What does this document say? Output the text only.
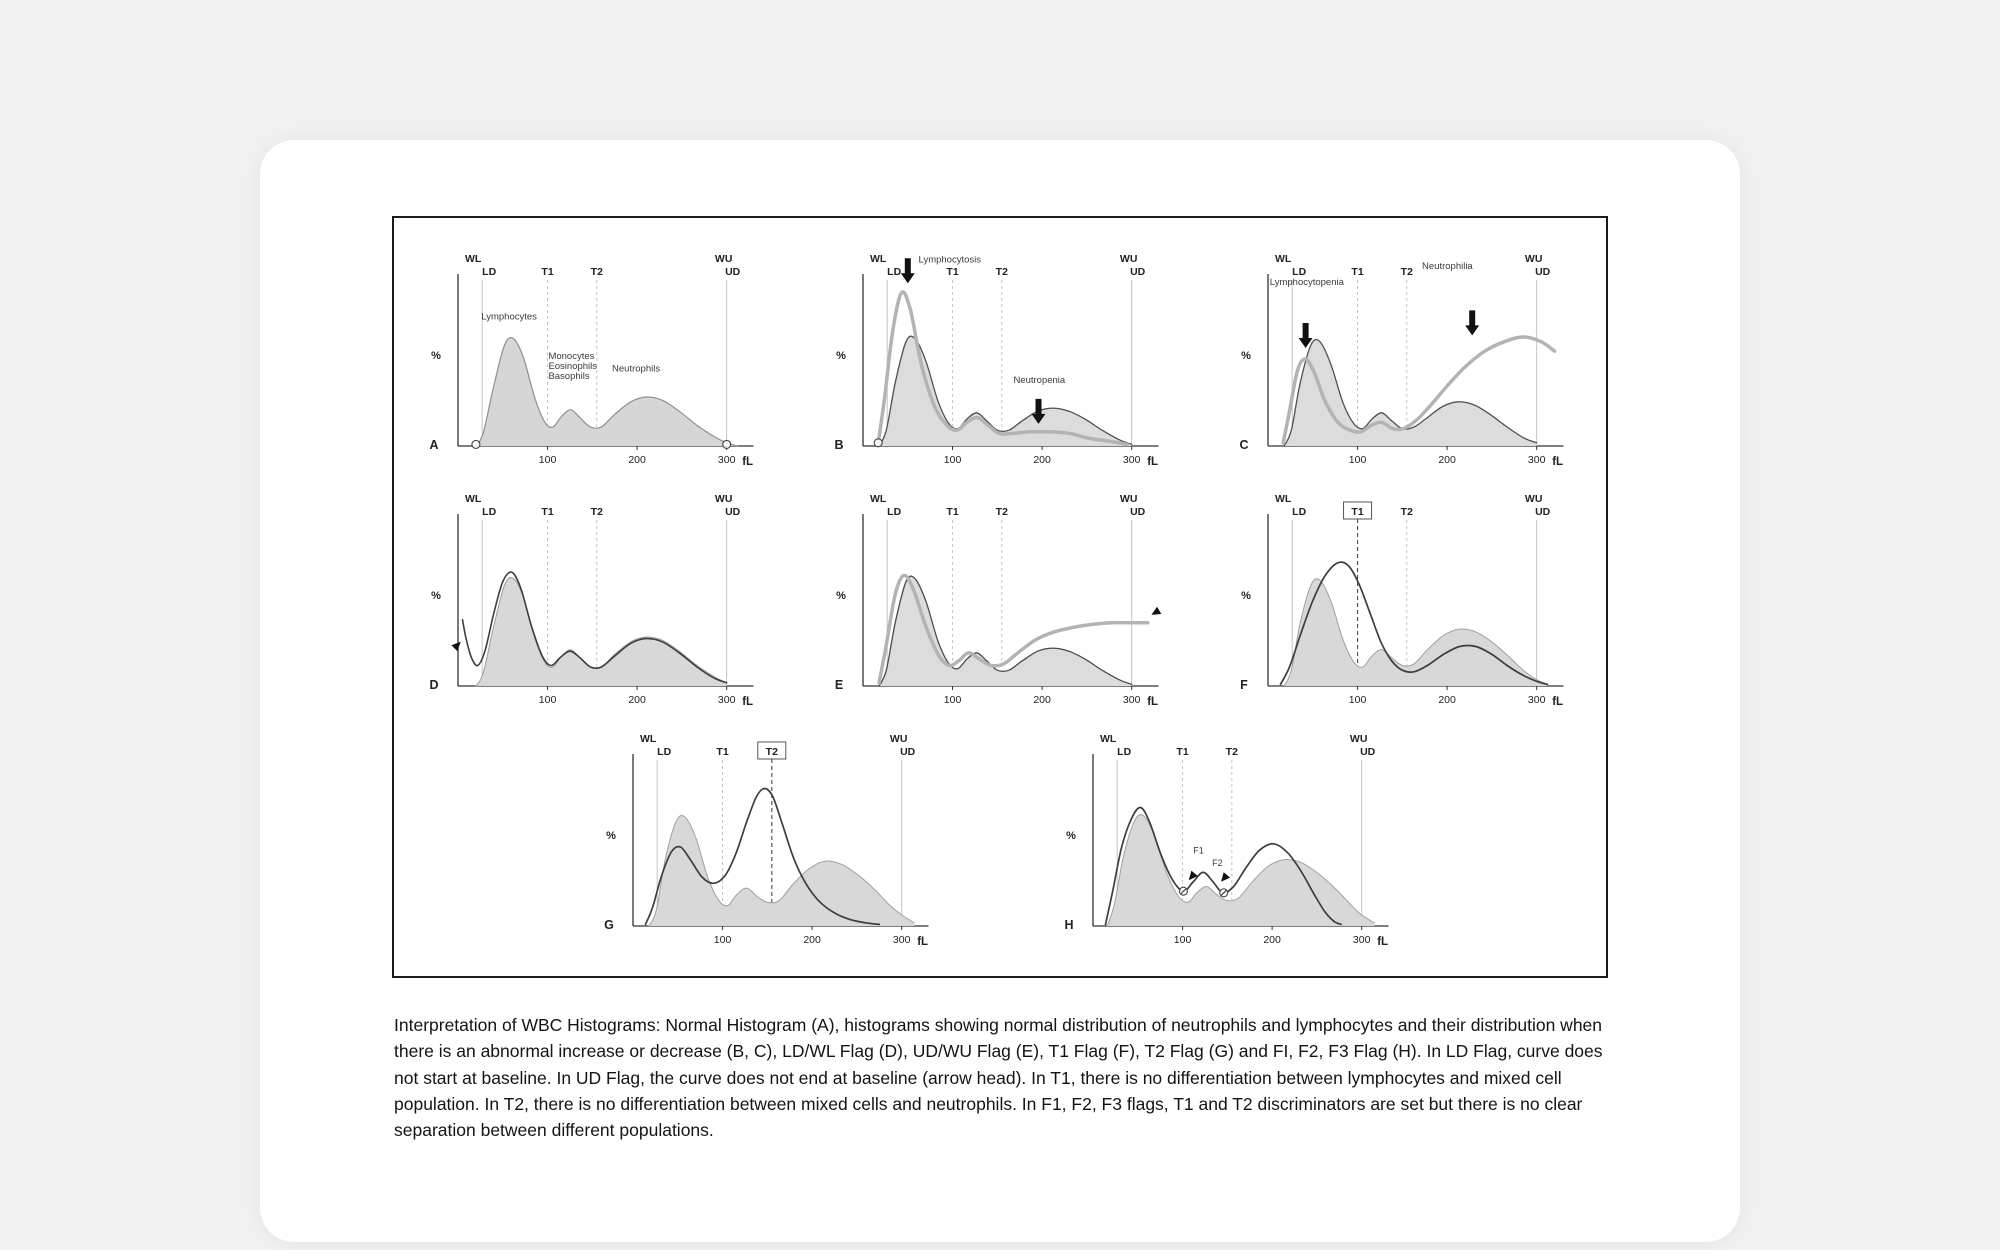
WL
LD	T1	T2
WU
UD
%
A
100	200	300 fL
Lymphocytes
Monocytes
Eosinophils
Basophils
Neutrophils
WL
LD	T1	T2
WU
UD
%
B
100	200	300 fL
Lymphocytosis
Neutropenia
WL
LD	T1	T2
WU
UD
%
C
100	200	300 fL
Lymphocytopenia
Neutrophilia
WL
LD	T1	T2
WU
UD
%
D
100	200	300 fL
WL
LD	T1	T2
WU
UD
%
E
100	200	300 fL
WL
LD	T1	T2
WU
UD
%
F
100	200	300 fL
WL
LD	T1	T2
WU
UD
%
G
100	200	300 fL
WL
LD	T1	T2
WU
UD
%
H
100	200	300 fL
F1
F2

Interpretation of WBC Histograms: Normal Histogram (A), histograms showing normal distribution of neutrophils and lymphocytes and their distribution when there is an abnormal increase or decrease (B, C), LD/WL Flag (D), UD/WU Flag (E), T1 Flag (F), T2 Flag (G) and FI, F2, F3 Flag (H). In LD Flag, curve does not start at baseline. In UD Flag, the curve does not end at baseline (arrow head). In T1, there is no differentiation between lymphocytes and mixed cell population. In T2, there is no differentiation between mixed cells and neutrophils. In F1, F2, F3 flags, T1 and T2 discriminators are set but there is no clear separation between different populations.
